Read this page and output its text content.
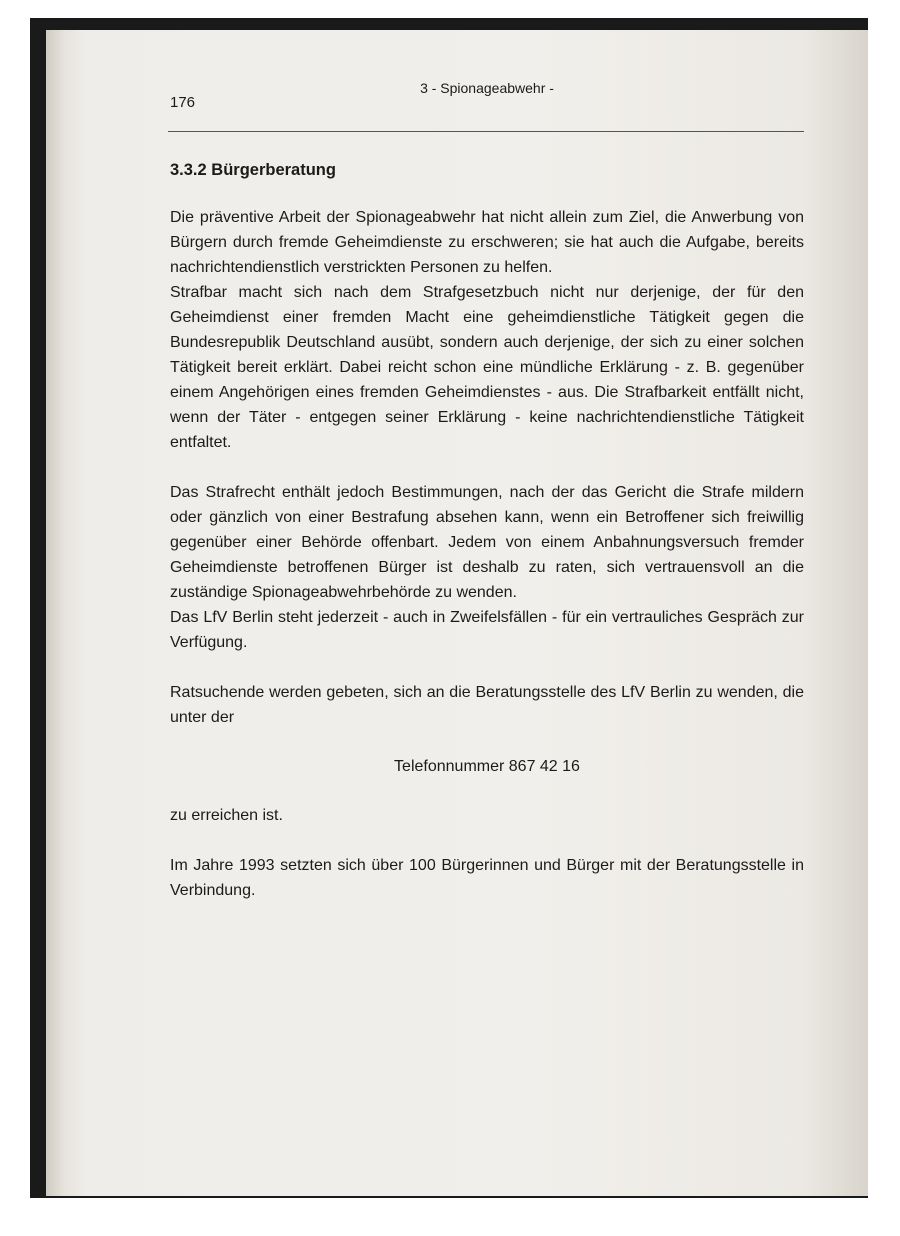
176
3 - Spionageabwehr -

3.3.2 Bürgerberatung

Die präventive Arbeit der Spionageabwehr hat nicht allein zum Ziel, die Anwerbung von Bürgern durch fremde Geheimdienste zu erschweren; sie hat auch die Aufgabe, bereits nachrichtendienstlich verstrickten Personen zu helfen.

Strafbar macht sich nach dem Strafgesetzbuch nicht nur derjenige, der für den Geheimdienst einer fremden Macht eine geheimdienstliche Tätigkeit gegen die Bundesrepublik Deutschland ausübt, sondern auch derjenige, der sich zu einer solchen Tätigkeit bereit erklärt. Dabei reicht schon eine mündliche Erklärung - z. B. gegenüber einem Angehörigen eines fremden Geheimdienstes - aus. Die Strafbarkeit entfällt nicht, wenn der Täter - entgegen seiner Erklärung - keine nachrichtendienstliche Tätigkeit entfaltet.

Das Strafrecht enthält jedoch Bestimmungen, nach der das Gericht die Strafe mildern oder gänzlich von einer Bestrafung absehen kann, wenn ein Betroffener sich freiwillig gegenüber einer Behörde offenbart. Jedem von einem Anbahnungsversuch fremder Geheimdienste betroffenen Bürger ist deshalb zu raten, sich vertrauensvoll an die zuständige Spionageabwehrbehörde zu wenden.

Das LfV Berlin steht jederzeit - auch in Zweifelsfällen - für ein vertrauliches Gespräch zur Verfügung.

Ratsuchende werden gebeten, sich an die Beratungsstelle des LfV Berlin zu wenden, die unter der

Telefonnummer 867 42 16

zu erreichen ist.

Im Jahre 1993 setzten sich über 100 Bürgerinnen und Bürger mit der Beratungsstelle in Verbindung.
